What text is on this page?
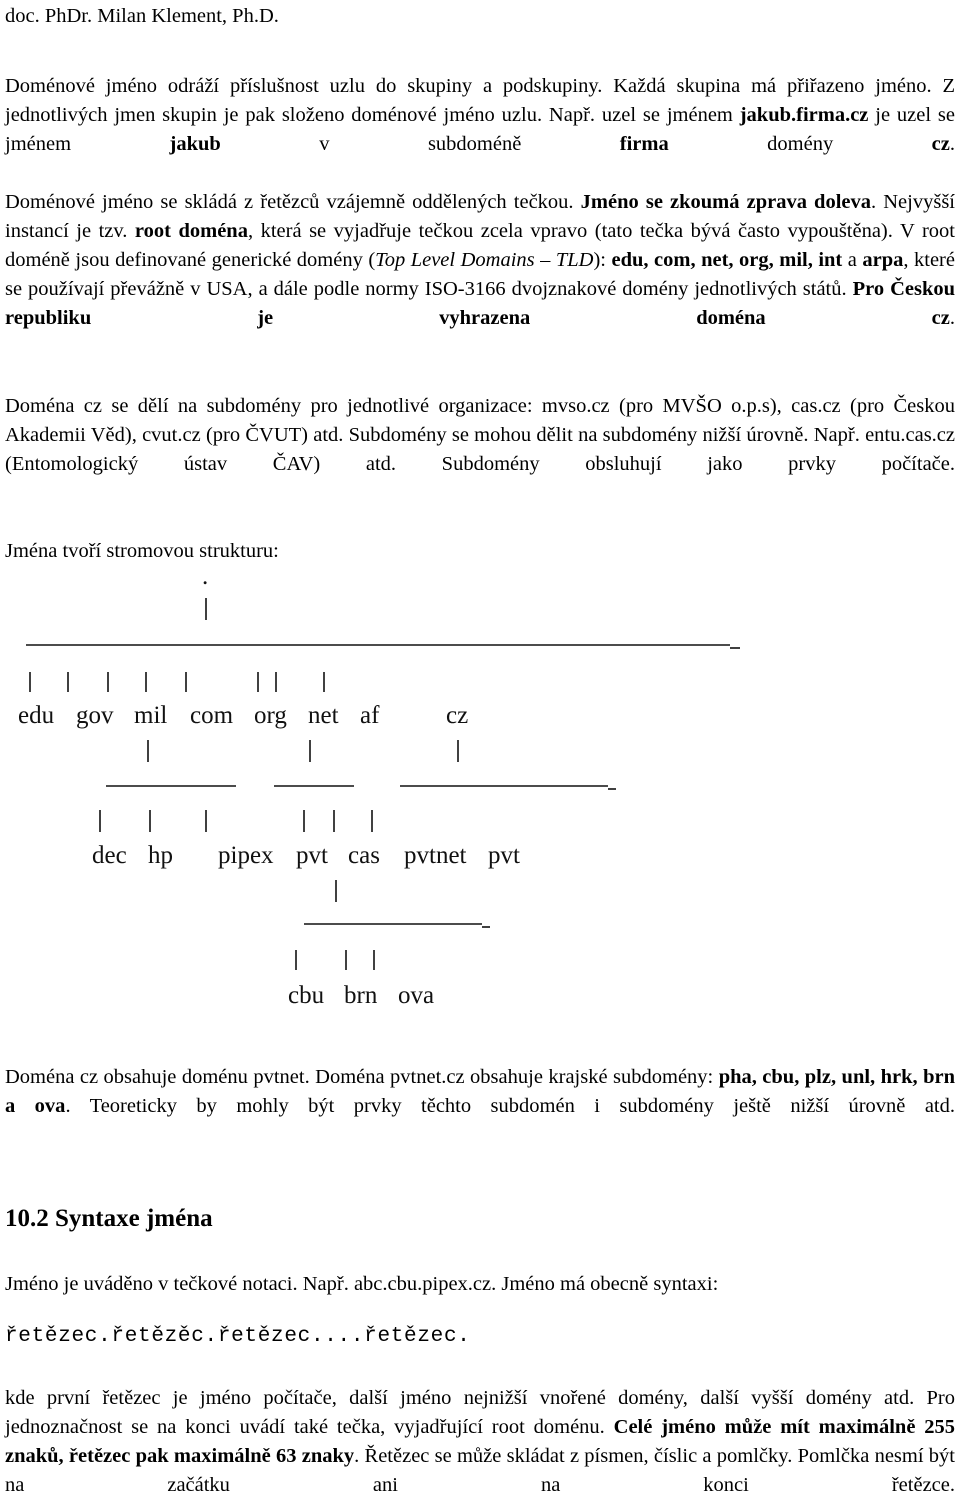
doc. PhDr. Milan Klement, Ph.D.
Doménové jméno odráží příslušnost uzlu do skupiny a podskupiny. Každá skupina má přiřazeno jméno. Z jednotlivých jmen skupin je pak složeno doménové jméno uzlu. Např. uzel se jménem jakub.firma.cz je uzel se jménem jakub v subdoméně firma domény cz.
Doménové jméno se skládá z řetězců vzájemně oddělených tečkou. Jméno se zkoumá zprava doleva. Nejvyšší instancí je tzv. root doména, která se vyjadřuje tečkou zcela vpravo (tato tečka bývá často vypouštěna). V root doméně jsou definované generické domény (Top Level Domains – TLD): edu, com, net, org, mil, int a arpa, které se používají převážně v USA, a dále podle normy ISO-3166 dvojznakové domény jednotlivých států. Pro Českou republiku je vyhrazena doména cz.
Doména cz se dělí na subdomény pro jednotlivé organizace: mvso.cz (pro MVŠO o.p.s), cas.cz (pro Českou Akademii Věd), cvut.cz (pro ČVUT) atd. Subdomény se mohou dělit na subdomény nižší úrovně. Např. entu.cas.cz (Entomologický ústav ČAV) atd. Subdomény obsluhují jako prvky počítače.
Jména tvoří stromovou strukturu:
.
edu gov mil com org net af	cz
dec hp pipex pvt cas pvtnet pvt
cbu brn ova
Doména cz obsahuje doménu pvtnet. Doména pvtnet.cz obsahuje krajské subdomény: pha, cbu, plz, unl, hrk, brn a ova. Teoreticky by mohly být prvky těchto subdomén i subdomény ještě nižší úrovně atd.
10.2 Syntaxe jména
Jméno je uváděno v tečkové notaci. Např. abc.cbu.pipex.cz. Jméno má obecně syntaxi:
řetězec.řetězěc.řetězec....řetězec.
kde první řetězec je jméno počítače, další jméno nejnižší vnořené domény, další vyšší domény atd. Pro jednoznačnost se na konci uvádí také tečka, vyjadřující root doménu. Celé jméno může mít maximálně 255 znaků, řetězec pak maximálně 63 znaky. Řetězec se může skládat z písmen, číslic a pomlčky. Pomlčka nesmí být na začátku ani na konci řetězce.
